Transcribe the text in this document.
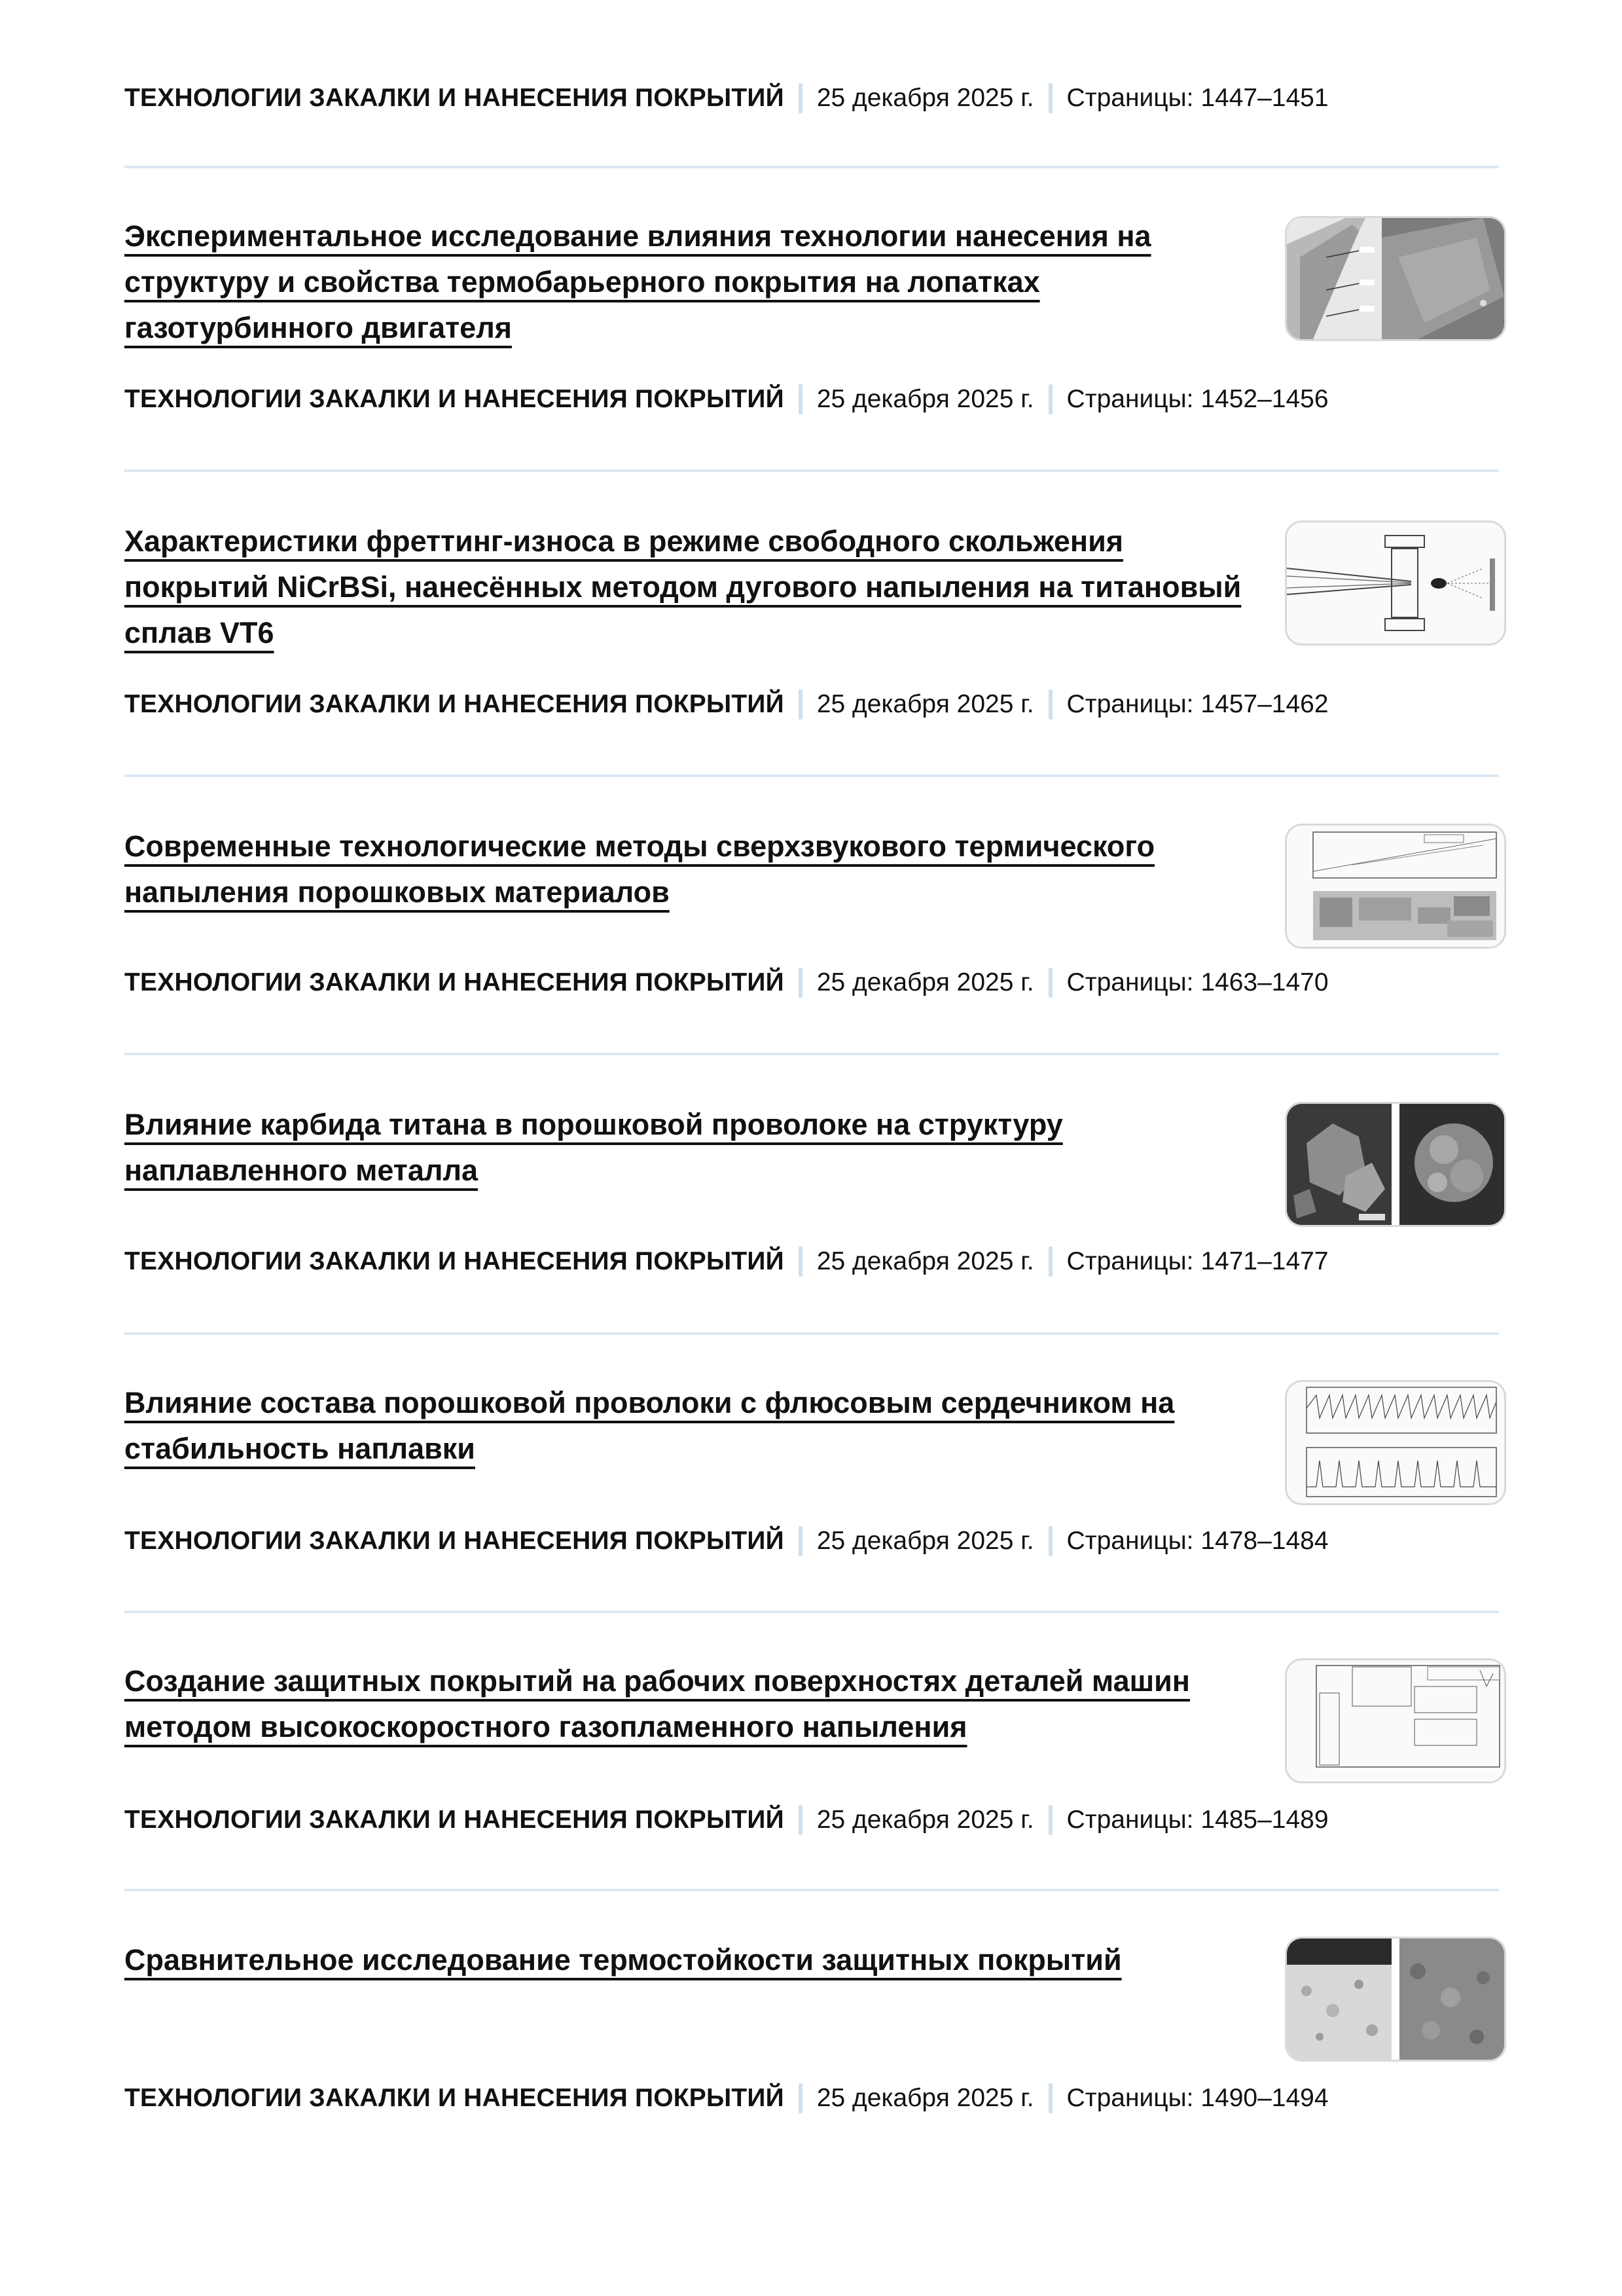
ТЕХНОЛОГИИ ЗАКАЛКИ И НАНЕСЕНИЯ ПОКРЫТИЙ 25 декабря 2025 г. Страницы: 1447–1451
Экспериментальное исследование влияния технологии нанесения на структуру и свойства термобарьерного покрытия на лопатках газотурбинного двигателя
ТЕХНОЛОГИИ ЗАКАЛКИ И НАНЕСЕНИЯ ПОКРЫТИЙ 25 декабря 2025 г. Страницы: 1452–1456
Характеристики фреттинг-износа в режиме свободного скольжения покрытий NiCrBSi, нанесённых методом дугового напыления на титановый сплав VT6
ТЕХНОЛОГИИ ЗАКАЛКИ И НАНЕСЕНИЯ ПОКРЫТИЙ 25 декабря 2025 г. Страницы: 1457–1462
Современные технологические методы сверхзвукового термического напыления порошковых материалов
ТЕХНОЛОГИИ ЗАКАЛКИ И НАНЕСЕНИЯ ПОКРЫТИЙ 25 декабря 2025 г. Страницы: 1463–1470
Влияние карбида титана в порошковой проволоке на структуру наплавленного металла
ТЕХНОЛОГИИ ЗАКАЛКИ И НАНЕСЕНИЯ ПОКРЫТИЙ 25 декабря 2025 г. Страницы: 1471–1477
Влияние состава порошковой проволоки с флюсовым сердечником на стабильность наплавки
ТЕХНОЛОГИИ ЗАКАЛКИ И НАНЕСЕНИЯ ПОКРЫТИЙ 25 декабря 2025 г. Страницы: 1478–1484
Создание защитных покрытий на рабочих поверхностях деталей машин методом высокоскоростного газопламенного напыления
ТЕХНОЛОГИИ ЗАКАЛКИ И НАНЕСЕНИЯ ПОКРЫТИЙ 25 декабря 2025 г. Страницы: 1485–1489
Сравнительное исследование термостойкости защитных покрытий
ТЕХНОЛОГИИ ЗАКАЛКИ И НАНЕСЕНИЯ ПОКРЫТИЙ 25 декабря 2025 г. Страницы: 1490–1494
